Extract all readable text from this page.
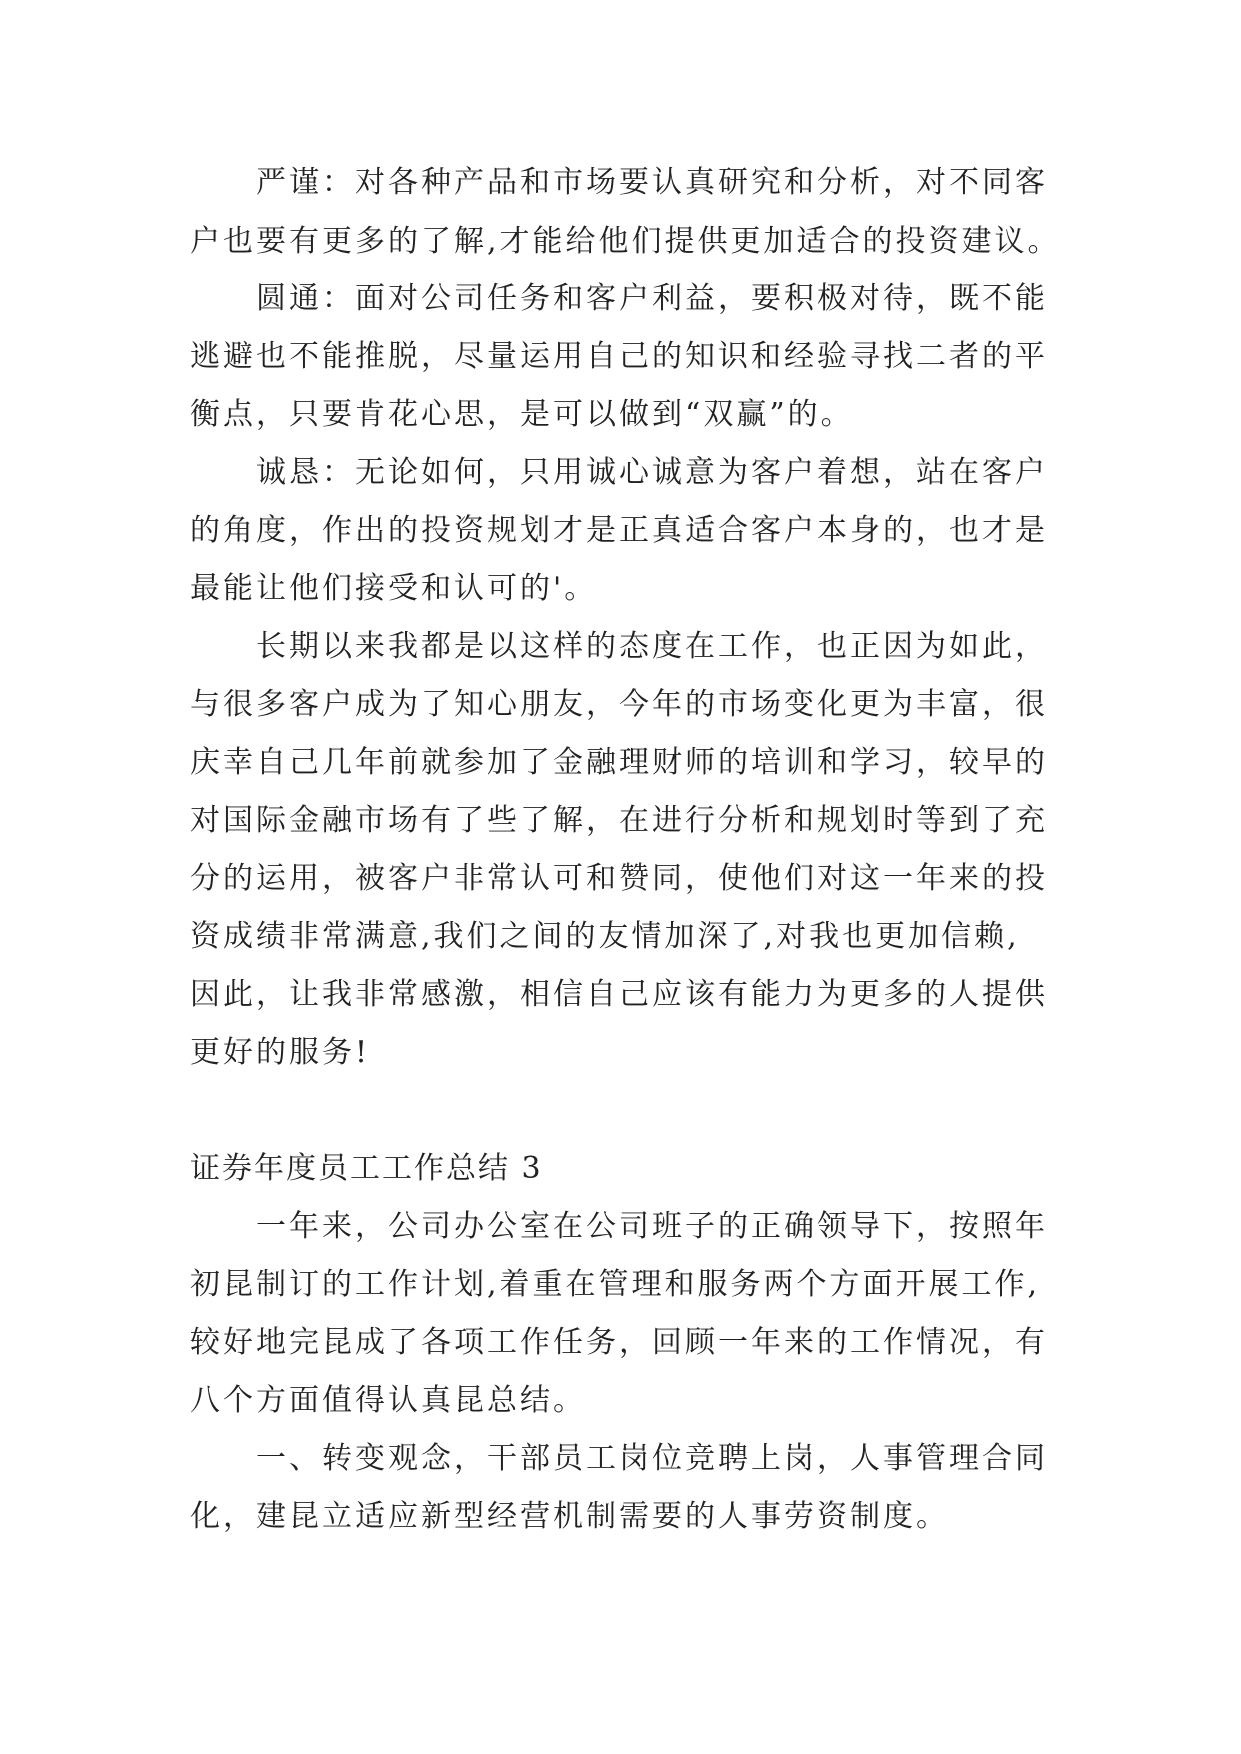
严谨：对各种产品和市场要认真研究和分析，对不同客
户也要有更多的了解,才能给他们提供更加适合的投资建议。
圆通：面对公司任务和客户利益，要积极对待，既不能
逃避也不能推脱，尽量运用自己的知识和经验寻找二者的平
衡点，只要肯花心思，是可以做到“双赢”的。
诚恳：无论如何，只用诚心诚意为客户着想，站在客户
的角度，作出的投资规划才是正真适合客户本身的，也才是
最能让他们接受和认可的'。
长期以来我都是以这样的态度在工作，也正因为如此，
与很多客户成为了知心朋友，今年的市场变化更为丰富，很
庆幸自己几年前就参加了金融理财师的培训和学习，较早的
对国际金融市场有了些了解，在进行分析和规划时等到了充
分的运用，被客户非常认可和赞同，使他们对这一年来的投
资成绩非常满意,我们之间的友情加深了,对我也更加信赖,
因此，让我非常感激，相信自己应该有能力为更多的人提供
更好的服务!
证券年度员工工作总结 3
一年来，公司办公室在公司班子的正确领导下，按照年
初昆制订的工作计划,着重在管理和服务两个方面开展工作,
较好地完昆成了各项工作任务，回顾一年来的工作情况，有
八个方面值得认真昆总结。
一、转变观念，干部员工岗位竞聘上岗，人事管理合同
化，建昆立适应新型经营机制需要的人事劳资制度。
